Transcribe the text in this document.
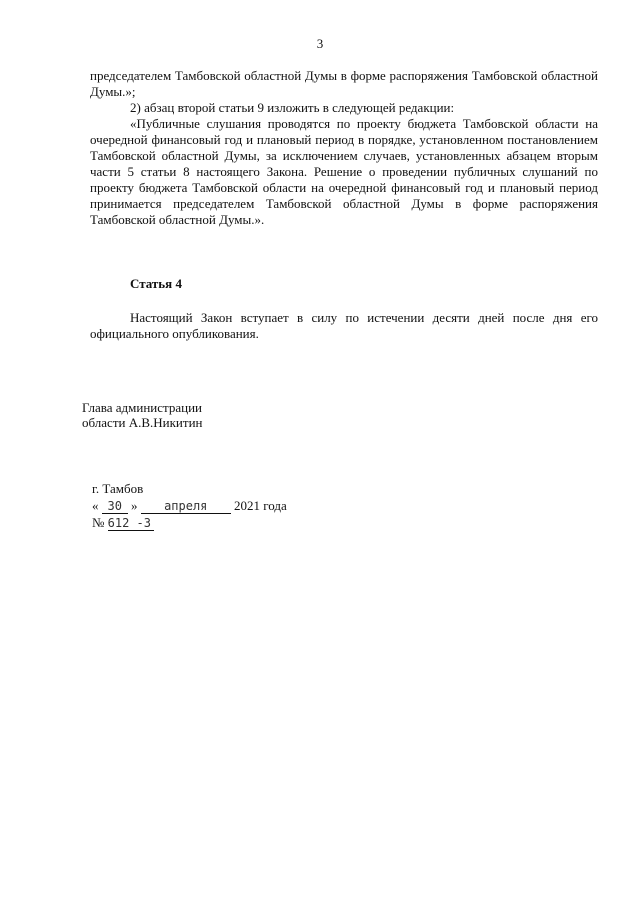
3

председателем Тамбовской областной Думы в форме распоряжения Тамбовской областной Думы.»;

2) абзац второй статьи 9 изложить в следующей редакции:

«Публичные слушания проводятся по проекту бюджета Тамбовской области на очередной финансовый год и плановый период в порядке, установленном постановлением Тамбовской областной Думы, за исключением случаев, установленных абзацем вторым части 5 статьи 8 настоящего Закона. Решение о проведении публичных слушаний по проекту бюджета Тамбовской области на очередной финансовый год и плановый период принимается председателем Тамбовской областной Думы в форме распоряжения Тамбовской областной Думы.».

Статья 4

Настоящий Закон вступает в силу по истечении десяти дней после дня его официального опубликования.

Глава администрации
области А.В.Никитин
г. Тамбов
« 30 » апреля 2021 года
№ 612 -З
